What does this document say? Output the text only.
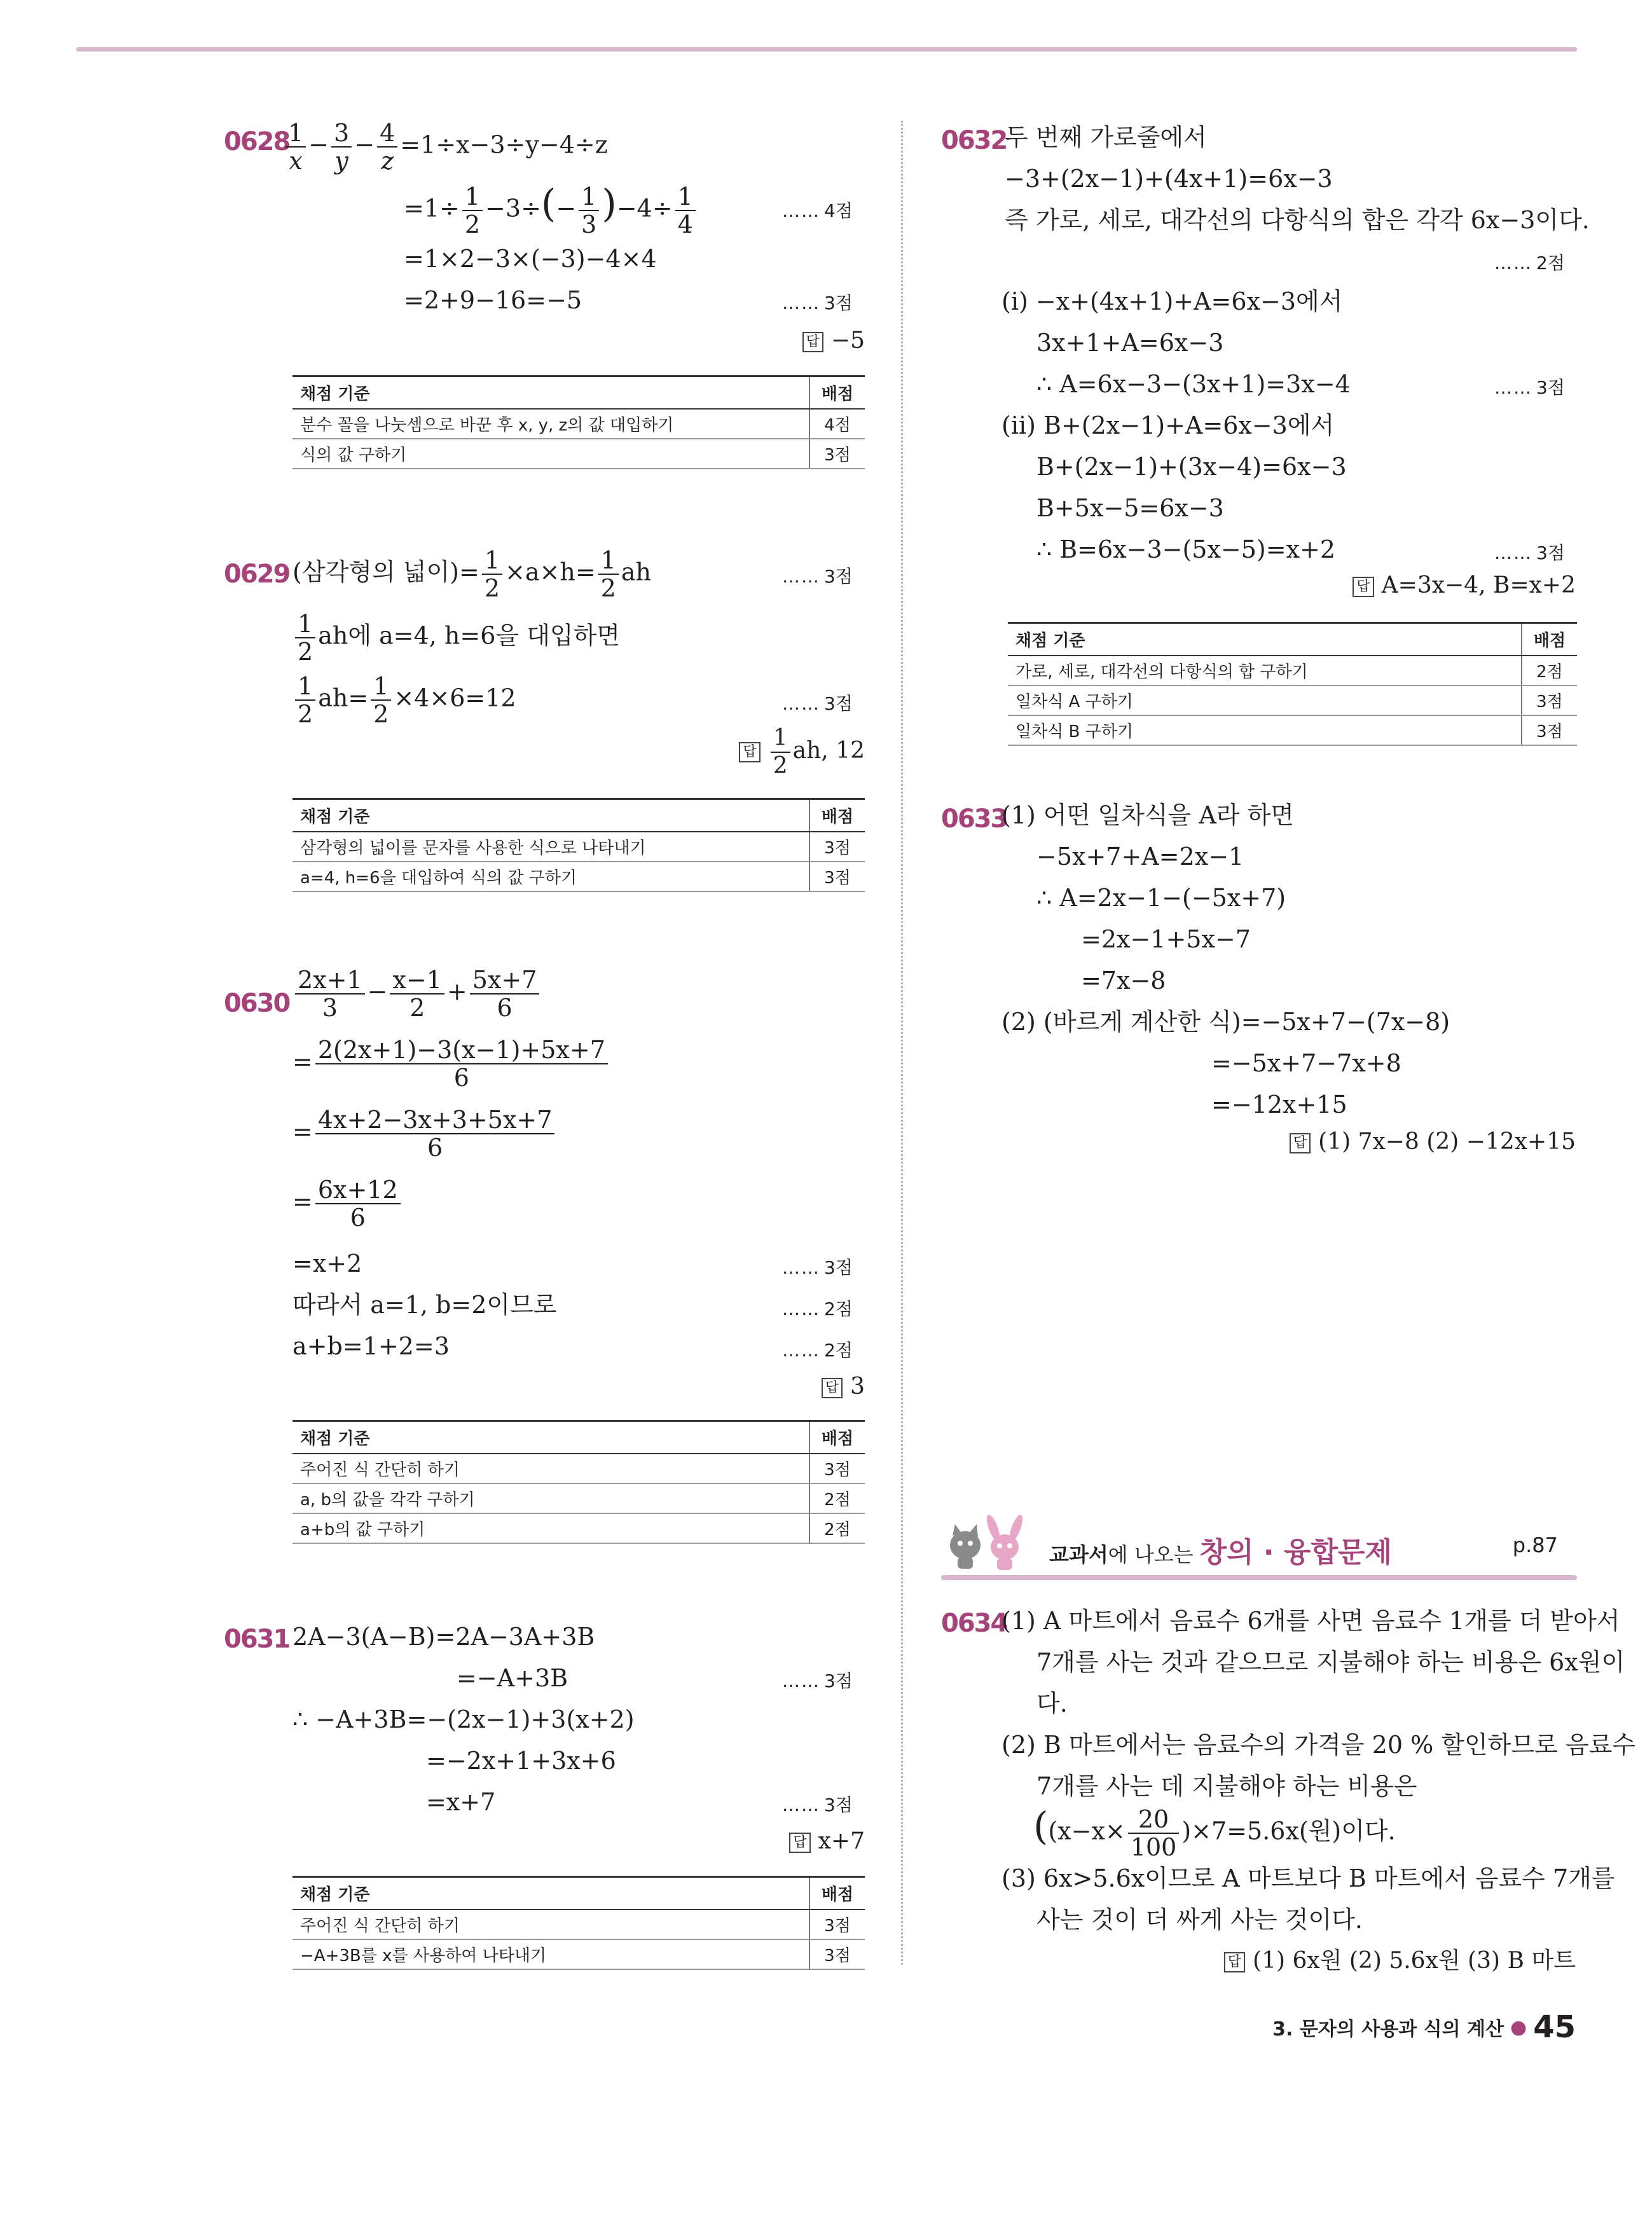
0628
$\frac{1}{x} - \frac{3}{y} - \frac{4}{z} =1\div x-3\div y-4\div z$
$=1\div \frac{1}{2} -3\div(- \frac{1}{3} )-4\div \frac{1}{4}$
=1×2−3×(−3)−4×4
=2+9−16=−5
…… 4점
…… 3점
답 −5
채점 기준	배점
분수 꼴을 나눗셈으로 바꾼 후 x, y, z의 값 대입하기	4점
식의 값 구하기	3점
0629 (삼각형의 넓이)= $\frac{1}{2} \times a\times h= \frac{1}{2}$ ah
$\frac{1}{2}$ ah에 a=4, h=6을 대입하면
$\frac{1}{2} ah= \frac{1}{2} \times 4\times 6=12$
…… 3점
…… 3점
답 $\frac{1}{2}$ ah, 12
채점 기준	배점
삼각형의 넓이를 문자를 사용한 식으로 나타내기	3점
a=4, h=6을 대입하여 식의 값 구하기	3점
$0630 \frac{2x+1}{3} - \frac{x-1}{2} + \frac{5x+7}{6}$
= $\frac{2(2x+1)-3(x-1)+5x+7}{6}$
= $\frac{4x+2-3x+3+5x+7}{6}$
= $\frac{6x+12}{6}$
=x+2
따라서 a=1, b=2이므로
a+b=1+2=3
…… 3점
…… 2점
…… 2점
답 3
채점 기준	배점
주어진 식 간단히 하기	3점
a, b의 값을 각각 구하기	2점
a+b의 값 구하기	2점
0631 2A−3(A−B)=2A−3A+3B
=−A+3B
∴ −A+3B=−(2x−1)+3(x+2)
=−2x+1+3x+6
=x+7
…… 3점
…… 3점
답 x+7
채점 기준	배점
주어진 식 간단히 하기	3점
−A+3B를 x를 사용하여 나타내기	3점
0632
두 번째 가로줄에서
−3+(2x−1)+(4x+1)=6x−3
즉 가로, 세로, 대각선의 다항식의 합은 각각 6x−3이다.
…… 2점
(i) −x+(4x+1)+A=6x−3에서
3x+1+A=6x−3
∴ A=6x−3−(3x+1)=3x−4	…… 3점
(ii) B+(2x−1)+A=6x−3에서
B+(2x−1)+(3x−4)=6x−3
B+5x−5=6x−3
∴ B=6x−3−(5x−5)=x+2	…… 3점
답 A=3x−4, B=x+2
채점 기준	배점
가로, 세로, 대각선의 다항식의 합 구하기	2점
일차식 A 구하기	3점
일차식 B 구하기	3점
0633
(1) 어떤 일차식을 A라 하면
−5x+7+A=2x−1
∴ A=2x−1−(−5x+7)
=2x−1+5x−7
=7x−8
(2) (바르게 계산한 식)=−5x+7−(7x−8)
=−5x+7−7x+8
=−12x+15
답 (1) 7x−8 (2) −12x+15
교과서에 나오는 창의 · 융합문제	p.87
0634
(1) A 마트에서 음료수 6개를 사면 음료수 1개를 더 받아서
7개를 사는 것과 같으므로 지불해야 하는 비용은 6x원이
다.
(2) B 마트에서는 음료수의 가격을 20 % 할인하므로 음료수
7개를 사는 데 지불해야 하는 비용은
($(x-x\times \frac{20}{100} )\times 7=5.6x$(원)이다.
(3) 6x>5.6x이므로 A 마트보다 B 마트에서 음료수 7개를
사는 것이 더 싸게 사는 것이다.
답 (1) 6x원 (2) 5.6x원 (3) B 마트
3. 문자의 사용과 식의 계산 ● 45
